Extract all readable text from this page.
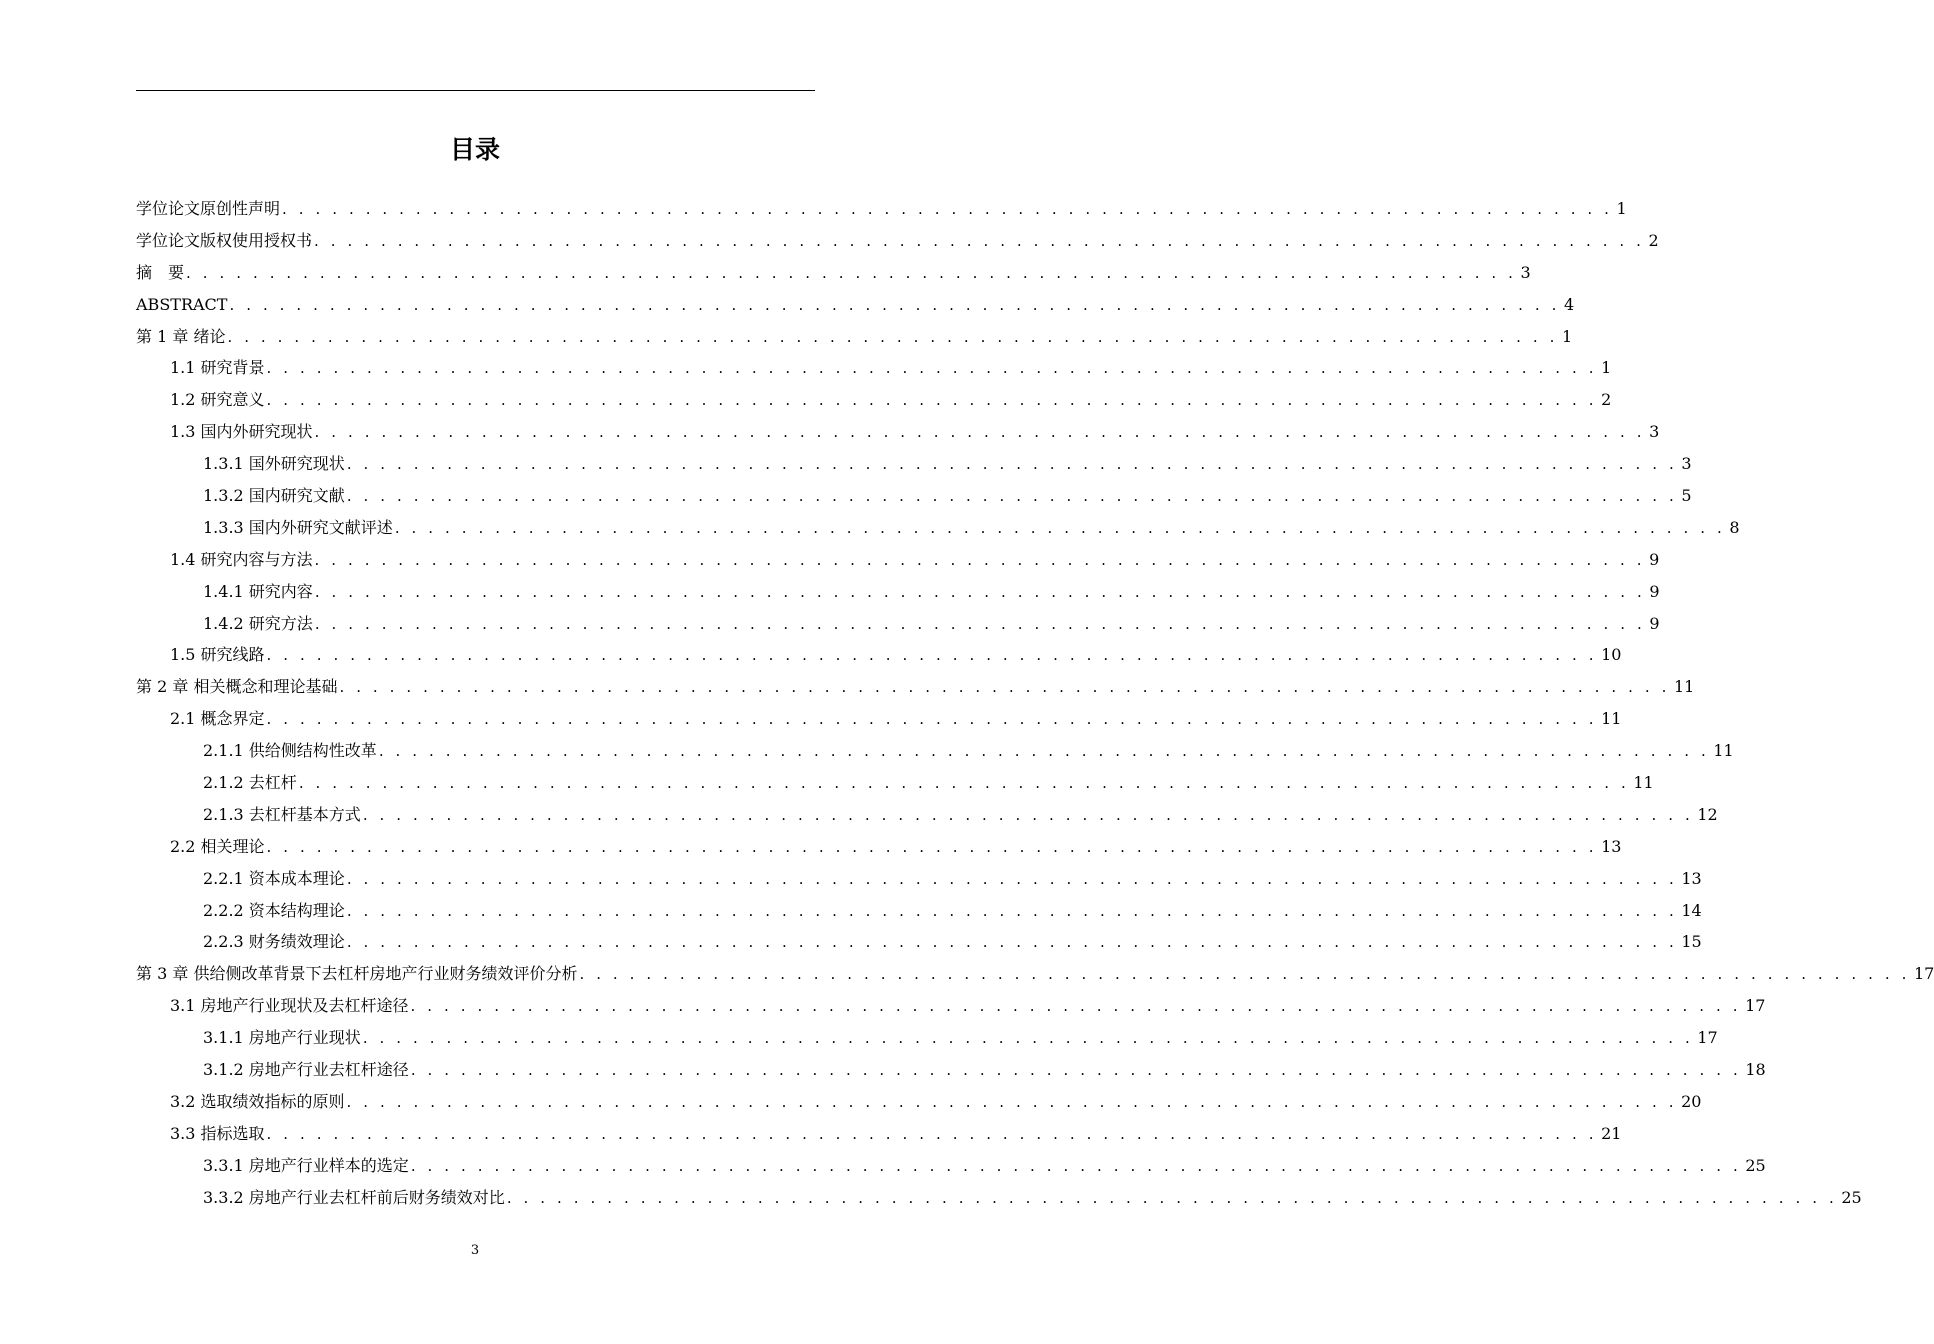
目录
学位论文原创性声明 . . . . . . . . . . . . . . . . . . . . . . . . . . . . . . . . . . . . . . . . . . . . . . . . . . . . . . . . . . . . . . . . . . . . . . . . . . . . . . . . 1
学位论文版权使用授权书 . . . . . . . . . . . . . . . . . . . . . . . . . . . . . . . . . . . . . . . . . . . . . . . . . . . . . . . . . . . . . . . . . . . . . . . . . . . . . . . . 2
摘　要 . . . . . . . . . . . . . . . . . . . . . . . . . . . . . . . . . . . . . . . . . . . . . . . . . . . . . . . . . . . . . . . . . . . . . . . . . . . . . . . . 3
ABSTRACT . . . . . . . . . . . . . . . . . . . . . . . . . . . . . . . . . . . . . . . . . . . . . . . . . . . . . . . . . . . . . . . . . . . . . . . . . . . . . . . . 4
第 1 章 绪论 . . . . . . . . . . . . . . . . . . . . . . . . . . . . . . . . . . . . . . . . . . . . . . . . . . . . . . . . . . . . . . . . . . . . . . . . . . . . . . . . 1
1.1 研究背景 . . . . . . . . . . . . . . . . . . . . . . . . . . . . . . . . . . . . . . . . . . . . . . . . . . . . . . . . . . . . . . . . . . . . . . . . . . . . . . . . 1
1.2 研究意义 . . . . . . . . . . . . . . . . . . . . . . . . . . . . . . . . . . . . . . . . . . . . . . . . . . . . . . . . . . . . . . . . . . . . . . . . . . . . . . . . 2
1.3 国内外研究现状 . . . . . . . . . . . . . . . . . . . . . . . . . . . . . . . . . . . . . . . . . . . . . . . . . . . . . . . . . . . . . . . . . . . . . . . . . . . . . . . . 3
1.3.1 国外研究现状 . . . . . . . . . . . . . . . . . . . . . . . . . . . . . . . . . . . . . . . . . . . . . . . . . . . . . . . . . . . . . . . . . . . . . . . . . . . . . . . . 3
1.3.2 国内研究文献 . . . . . . . . . . . . . . . . . . . . . . . . . . . . . . . . . . . . . . . . . . . . . . . . . . . . . . . . . . . . . . . . . . . . . . . . . . . . . . . . 5
1.3.3 国内外研究文献评述 . . . . . . . . . . . . . . . . . . . . . . . . . . . . . . . . . . . . . . . . . . . . . . . . . . . . . . . . . . . . . . . . . . . . . . . . . . . . . . . . 8
1.4 研究内容与方法 . . . . . . . . . . . . . . . . . . . . . . . . . . . . . . . . . . . . . . . . . . . . . . . . . . . . . . . . . . . . . . . . . . . . . . . . . . . . . . . . 9
1.4.1 研究内容 . . . . . . . . . . . . . . . . . . . . . . . . . . . . . . . . . . . . . . . . . . . . . . . . . . . . . . . . . . . . . . . . . . . . . . . . . . . . . . . . 9
1.4.2 研究方法 . . . . . . . . . . . . . . . . . . . . . . . . . . . . . . . . . . . . . . . . . . . . . . . . . . . . . . . . . . . . . . . . . . . . . . . . . . . . . . . . 9
1.5 研究线路 . . . . . . . . . . . . . . . . . . . . . . . . . . . . . . . . . . . . . . . . . . . . . . . . . . . . . . . . . . . . . . . . . . . . . . . . . . . . . . . . 10
第 2 章 相关概念和理论基础 . . . . . . . . . . . . . . . . . . . . . . . . . . . . . . . . . . . . . . . . . . . . . . . . . . . . . . . . . . . . . . . . . . . . . . . . . . . . . . . . 11
2.1 概念界定 . . . . . . . . . . . . . . . . . . . . . . . . . . . . . . . . . . . . . . . . . . . . . . . . . . . . . . . . . . . . . . . . . . . . . . . . . . . . . . . . 11
2.1.1 供给侧结构性改革 . . . . . . . . . . . . . . . . . . . . . . . . . . . . . . . . . . . . . . . . . . . . . . . . . . . . . . . . . . . . . . . . . . . . . . . . . . . . . . . . 11
2.1.2 去杠杆 . . . . . . . . . . . . . . . . . . . . . . . . . . . . . . . . . . . . . . . . . . . . . . . . . . . . . . . . . . . . . . . . . . . . . . . . . . . . . . . . 11
2.1.3 去杠杆基本方式 . . . . . . . . . . . . . . . . . . . . . . . . . . . . . . . . . . . . . . . . . . . . . . . . . . . . . . . . . . . . . . . . . . . . . . . . . . . . . . . . 12
2.2 相关理论 . . . . . . . . . . . . . . . . . . . . . . . . . . . . . . . . . . . . . . . . . . . . . . . . . . . . . . . . . . . . . . . . . . . . . . . . . . . . . . . . 13
2.2.1 资本成本理论 . . . . . . . . . . . . . . . . . . . . . . . . . . . . . . . . . . . . . . . . . . . . . . . . . . . . . . . . . . . . . . . . . . . . . . . . . . . . . . . . 13
2.2.2 资本结构理论 . . . . . . . . . . . . . . . . . . . . . . . . . . . . . . . . . . . . . . . . . . . . . . . . . . . . . . . . . . . . . . . . . . . . . . . . . . . . . . . . 14
2.2.3 财务绩效理论 . . . . . . . . . . . . . . . . . . . . . . . . . . . . . . . . . . . . . . . . . . . . . . . . . . . . . . . . . . . . . . . . . . . . . . . . . . . . . . . . 15
第 3 章 供给侧改革背景下去杠杆房地产行业财务绩效评价分析 . . . . . . . . . . . . . . . . . . . . . . . . . . . . . . . . . . . . . . . . . . . . . . . . . . . . . . . . . . . . . . . . . . . . . . . . . . . . . . . . 17
3.1 房地产行业现状及去杠杆途径 . . . . . . . . . . . . . . . . . . . . . . . . . . . . . . . . . . . . . . . . . . . . . . . . . . . . . . . . . . . . . . . . . . . . . . . . . . . . . . . . 17
3.1.1 房地产行业现状 . . . . . . . . . . . . . . . . . . . . . . . . . . . . . . . . . . . . . . . . . . . . . . . . . . . . . . . . . . . . . . . . . . . . . . . . . . . . . . . . 17
3.1.2 房地产行业去杠杆途径 . . . . . . . . . . . . . . . . . . . . . . . . . . . . . . . . . . . . . . . . . . . . . . . . . . . . . . . . . . . . . . . . . . . . . . . . . . . . . . . . 18
3.2 选取绩效指标的原则 . . . . . . . . . . . . . . . . . . . . . . . . . . . . . . . . . . . . . . . . . . . . . . . . . . . . . . . . . . . . . . . . . . . . . . . . . . . . . . . . 20
3.3 指标选取 . . . . . . . . . . . . . . . . . . . . . . . . . . . . . . . . . . . . . . . . . . . . . . . . . . . . . . . . . . . . . . . . . . . . . . . . . . . . . . . . 21
3.3.1 房地产行业样本的选定 . . . . . . . . . . . . . . . . . . . . . . . . . . . . . . . . . . . . . . . . . . . . . . . . . . . . . . . . . . . . . . . . . . . . . . . . . . . . . . . . 25
3.3.2 房地产行业去杠杆前后财务绩效对比 . . . . . . . . . . . . . . . . . . . . . . . . . . . . . . . . . . . . . . . . . . . . . . . . . . . . . . . . . . . . . . . . . . . . . . . . . . . . . . . . 25
3
